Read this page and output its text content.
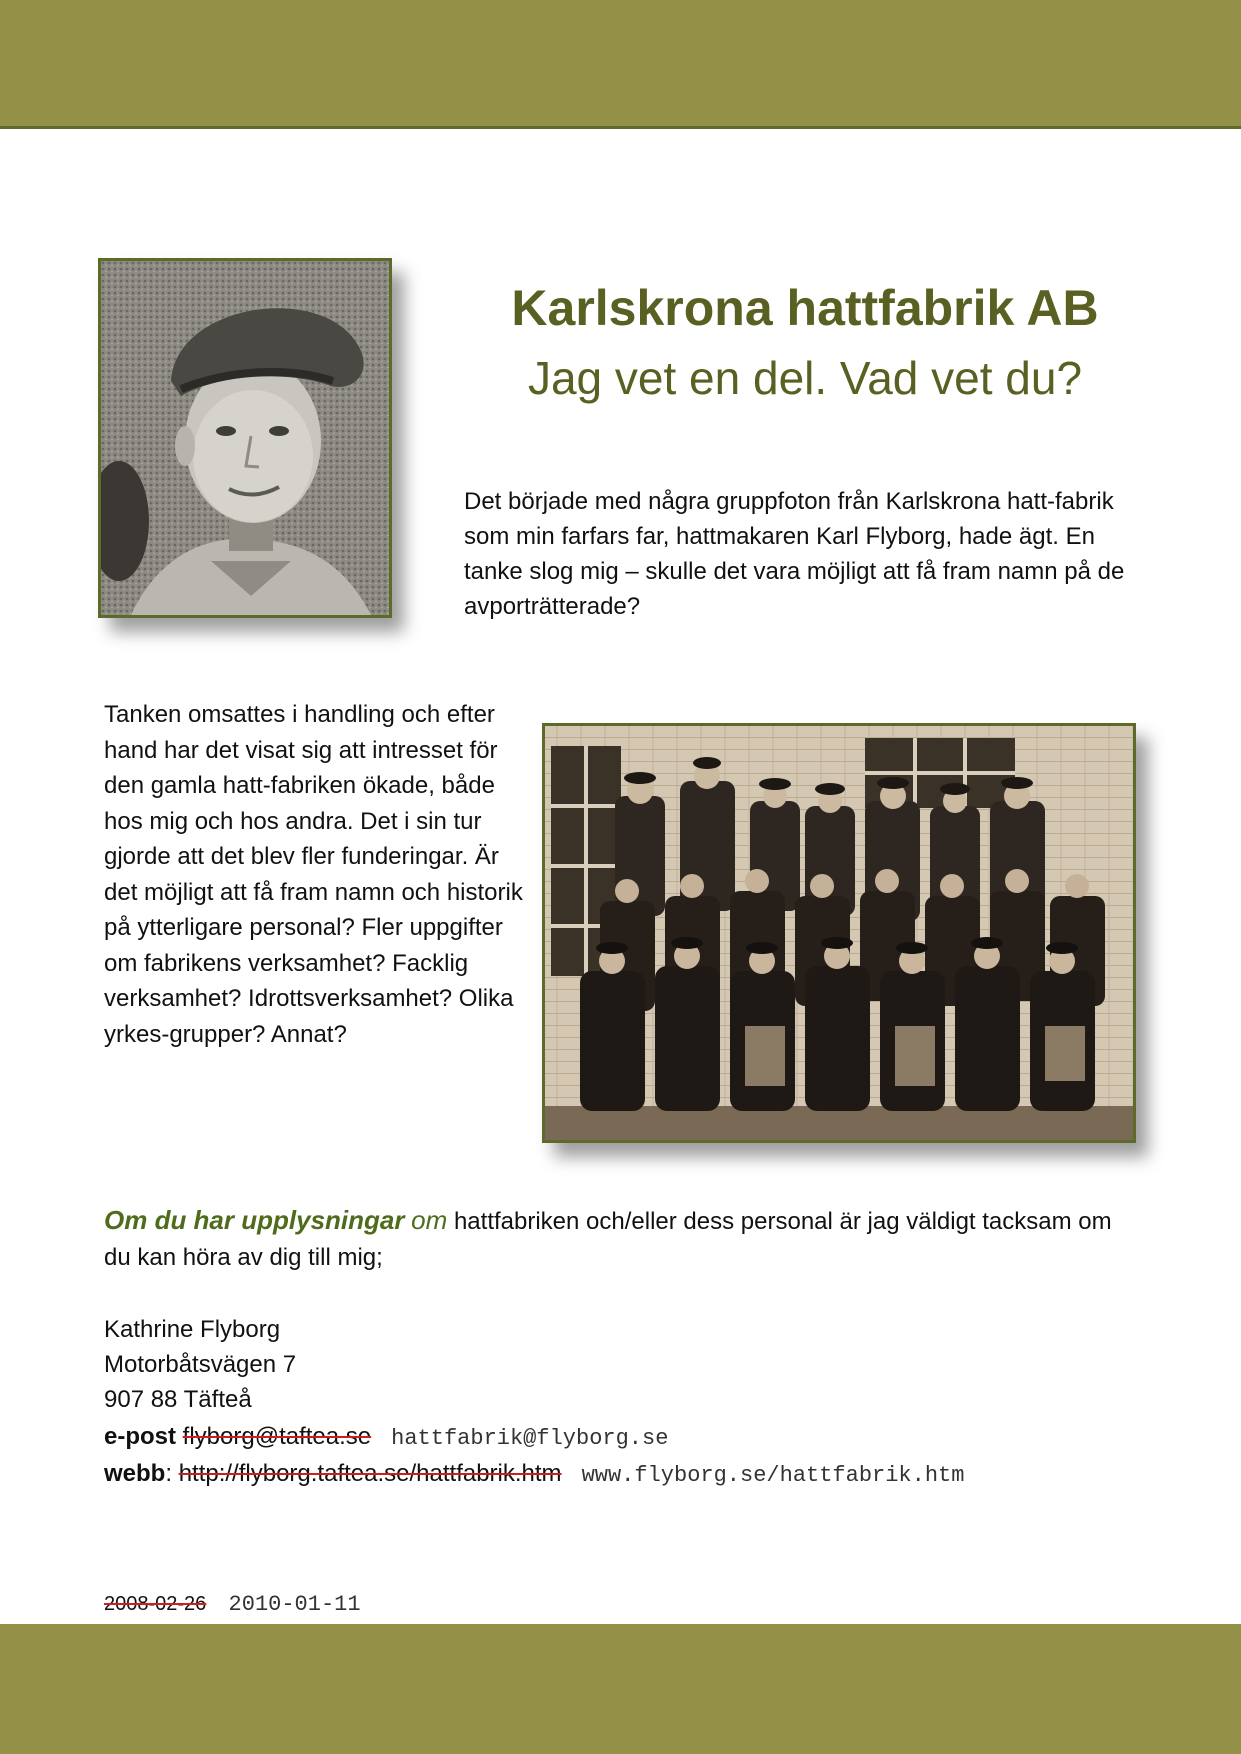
Karlskrona hattfabrik AB
Jag vet en del. Vad vet du?
Det började med några gruppfoton från Karlskrona hatt-fabrik som min farfars far, hattmakaren Karl Flyborg, hade ägt. En tanke slog mig – skulle det vara möjligt att få fram namn på de avporträtterade?
Tanken omsattes i handling och efter hand har det visat sig att intresset för den gamla hatt-fabriken ökade, både hos mig och hos andra. Det i sin tur gjorde att det blev fler funderingar. Är det möjligt att få fram namn och historik på ytterligare personal? Fler uppgifter om fabrikens verksamhet? Facklig verksamhet? Idrottsverksamhet? Olika yrkes-grupper? Annat?
Om du har upplysningar om hattfabriken och/eller dess personal är jag väldigt tacksam om du kan höra av dig till mig;
Kathrine Flyborg
Motorbåtsvägen 7
907 88 Täfteå
e-post flyborg@taftea.se hattfabrik@flyborg.se
webb: http://flyborg.taftea.se/hattfabrik.htm www.flyborg.se/hattfabrik.htm
2008-02-26 2010-01-11
